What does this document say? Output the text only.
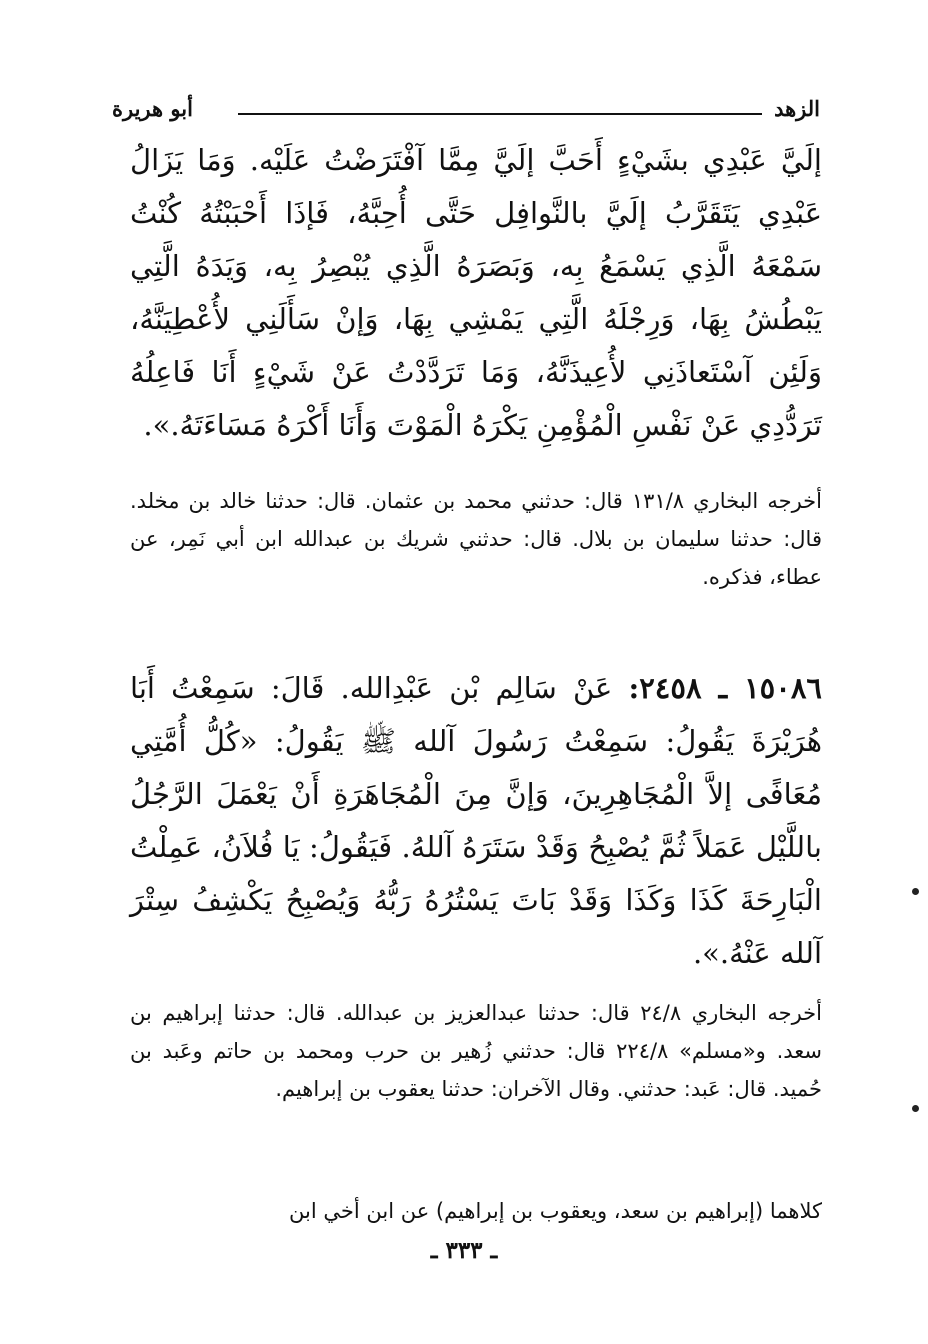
الزهد
أبو هريرة

إلَيَّ عَبْدِي بشَيْءٍ أَحَبَّ إلَيَّ مِمَّا آفْتَرَضْتُ عَلَيْه. وَمَا يَزَالُ عَبْدِي يَتَقَرَّبُ إلَيَّ بالنَّوافِل حَتَّى أُحِبَّهُ، فَإذَا أَحْبَبْتُهُ كُنْتُ سَمْعَهُ الَّذِي يَسْمَعُ بِه، وَبَصَرَهُ الَّذِي يُبْصِرُ بِه، وَيَدَهُ الَّتِي يَبْطُشُ بِهَا، وَرِجْلَهُ الَّتِي يَمْشِي بِهَا، وَإنْ سَأَلَنِي لأُعْطِيَنَّهُ، وَلَئِن آسْتَعاذَنِي لأُعِيذَنَّهُ، وَمَا تَرَدَّدْتُ عَنْ شَيْءٍ أَنَا فَاعِلُهُ تَرَدُّدِي عَنْ نَفْسِ الْمُؤْمِنِ يَكْرَهُ الْمَوْتَ وَأَنَا أَكْرَهُ مَسَاءَتَهُ.».

أخرجه البخاري ١٣١/٨ قال: حدثني محمد بن عثمان. قال: حدثنا خالد بن مخلد. قال: حدثنا سليمان بن بلال. قال: حدثني شريك بن عبدالله ابن أبي نَمِر، عن عطاء، فذكره.

١٥٠٨٦ ـ ٢٤٥٨: عَنْ سَالِم بْن عَبْدِالله. قَالَ: سَمِعْتُ أَبَا هُرَيْرَةَ يَقُولُ: سَمِعْتُ رَسُولَ آلله ﷺ يَقُولُ: «كُلُّ أُمَّتِي مُعَافًى إلاَّ الْمُجَاهِرِينَ، وَإنَّ مِنَ الْمُجَاهَرَةِ أَنْ يَعْمَلَ الرَّجُلُ باللَّيْل عَمَلاً ثُمَّ يُصْبِحُ وَقَدْ سَتَرَهُ آللهُ. فَيَقُولُ: يَا فُلاَنُ، عَمِلْتُ الْبَارِحَةَ كَذَا وَكَذَا وَقَدْ بَاتَ يَسْتُرُهُ رَبُّهُ وَيُصْبِحُ يَكْشِفُ سِتْرَ آلله عَنْهُ.».

أخرجه البخاري ٢٤/٨ قال: حدثنا عبدالعزيز بن عبدالله. قال: حدثنا إبراهيم بن سعد. و«مسلم» ٢٢٤/٨ قال: حدثني زُهير بن حرب ومحمد بن حاتم وعَبد بن حُميد. قال: عَبد: حدثني. وقال الآخران: حدثنا يعقوب بن إبراهيم.

كلاهما (إبراهيم بن سعد، ويعقوب بن إبراهيم) عن ابن أخي ابن

ـ ٣٣٣ ـ
